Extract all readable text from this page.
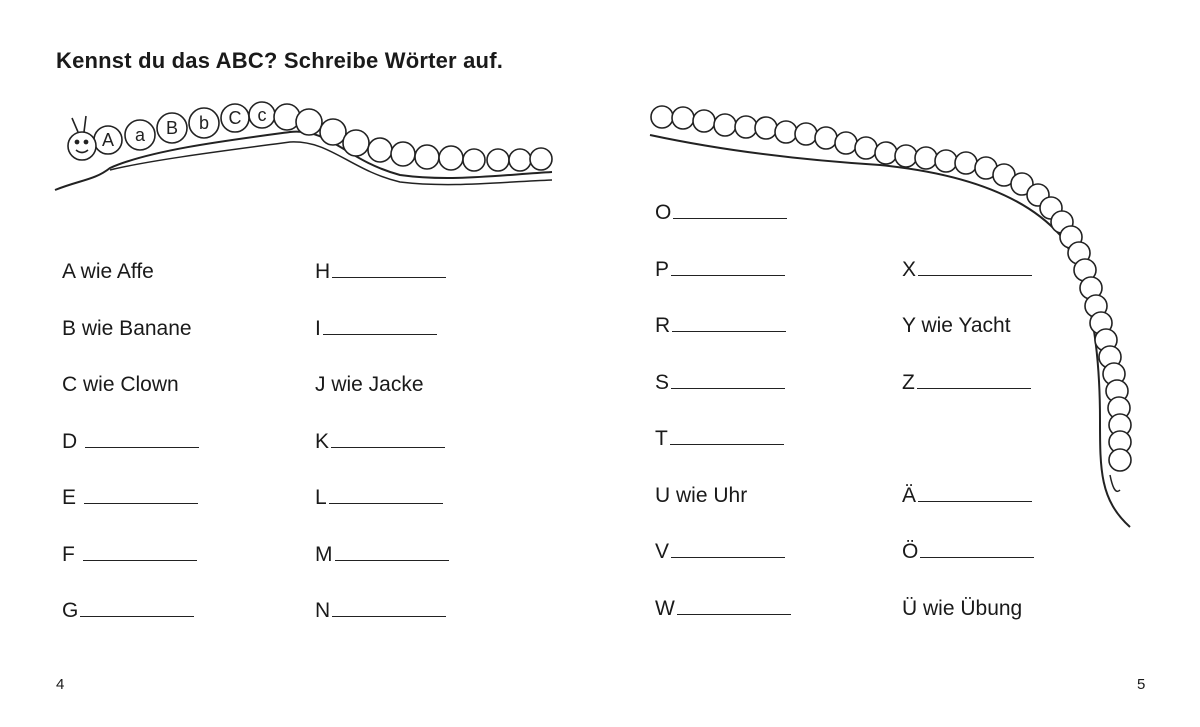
A a B b C c
Kennst du das ABC? Schreibe Wörter auf.
A wie Affe
B wie Banane
C wie Clown
D
E
F
G
H
I
J wie Jacke
K
L
M
N
O
P
R
S
T
U wie Uhr
V
W
X
Y wie Yacht
Z
Ä
Ö
Ü wie Übung
4	5
